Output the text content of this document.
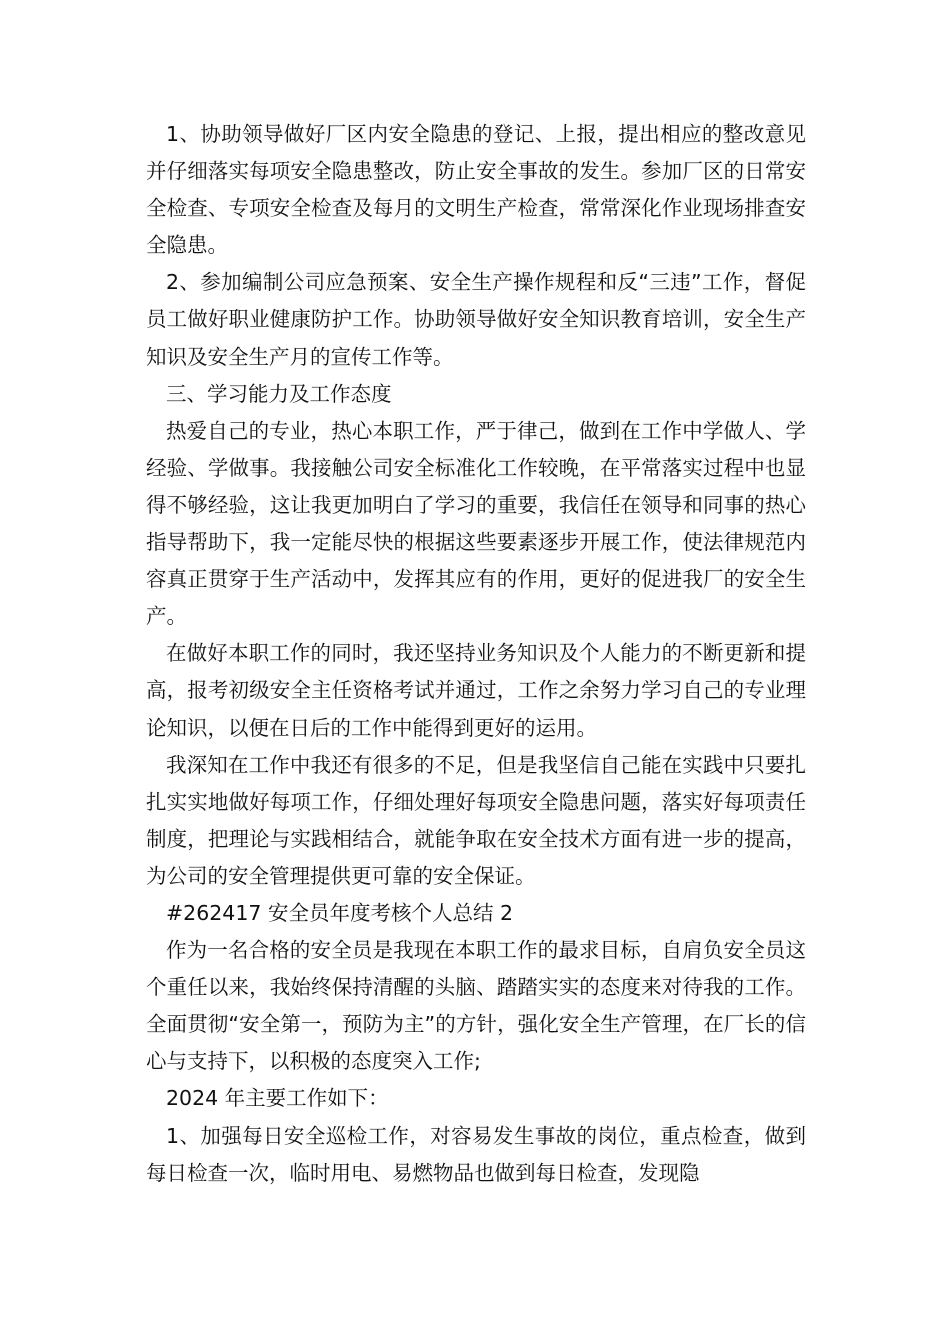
1、协助领导做好厂区内安全隐患的登记、上报，提出相应的整改意见并仔细落实每项安全隐患整改，防止安全事故的发生。参加厂区的日常安全检查、专项安全检查及每月的文明生产检查，常常深化作业现场排查安全隐患。

2、参加编制公司应急预案、安全生产操作规程和反“三违”工作，督促员工做好职业健康防护工作。协助领导做好安全知识教育培训，安全生产知识及安全生产月的宣传工作等。

三、学习能力及工作态度

热爱自己的专业，热心本职工作，严于律己，做到在工作中学做人、学经验、学做事。我接触公司安全标准化工作较晚，在平常落实过程中也显得不够经验，这让我更加明白了学习的重要，我信任在领导和同事的热心指导帮助下，我一定能尽快的根据这些要素逐步开展工作，使法律规范内容真正贯穿于生产活动中，发挥其应有的作用，更好的促进我厂的安全生产。

在做好本职工作的同时，我还坚持业务知识及个人能力的不断更新和提高，报考初级安全主任资格考试并通过，工作之余努力学习自己的专业理论知识，以便在日后的工作中能得到更好的运用。

我深知在工作中我还有很多的不足，但是我坚信自己能在实践中只要扎扎实实地做好每项工作，仔细处理好每项安全隐患问题，落实好每项责任制度，把理论与实践相结合，就能争取在安全技术方面有进一步的提高，为公司的安全管理提供更可靠的安全保证。

#262417 安全员年度考核个人总结 2

作为一名合格的安全员是我现在本职工作的最求目标，自肩负安全员这个重任以来，我始终保持清醒的头脑、踏踏实实的态度来对待我的工作。全面贯彻“安全第一，预防为主”的方针，强化安全生产管理，在厂长的信心与支持下，以积极的态度突入工作;

2024 年主要工作如下：

1、加强每日安全巡检工作，对容易发生事故的岗位，重点检查，做到每日检查一次，临时用电、易燃物品也做到每日检查，发现隐
